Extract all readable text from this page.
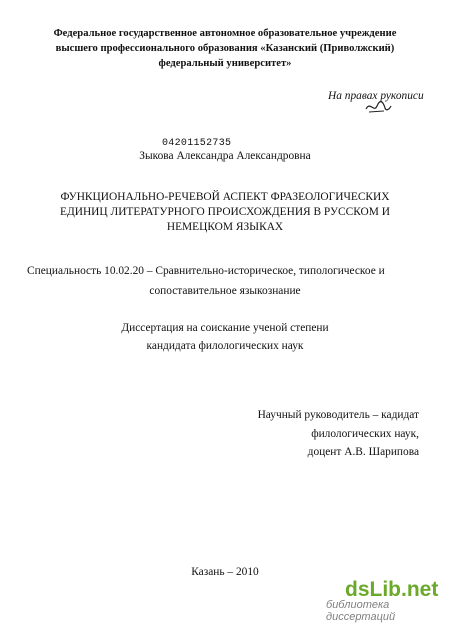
Федеральное государственное автономное образовательное учреждение
высшего профессионального образования «Казанский (Приволжский)
федеральный университет»
На правах рукописи
04201152735
Зыкова Александра Александровна
ФУНКЦИОНАЛЬНО-РЕЧЕВОЙ АСПЕКТ ФРАЗЕОЛОГИЧЕСКИХ
ЕДИНИЦ ЛИТЕРАТУРНОГО ПРОИСХОЖДЕНИЯ В РУССКОМ И
НЕМЕЦКОМ ЯЗЫКАХ
Специальность 10.02.20 – Сравнительно-историческое, типологическое и
сопоставительное языкознание
Диссертация на соискание ученой степени
кандидата филологических наук
Научный руководитель – кадидат
филологических наук,
доцент А.В. Шарипова
Казань – 2010
dsLib.net
библиотека диссертаций
